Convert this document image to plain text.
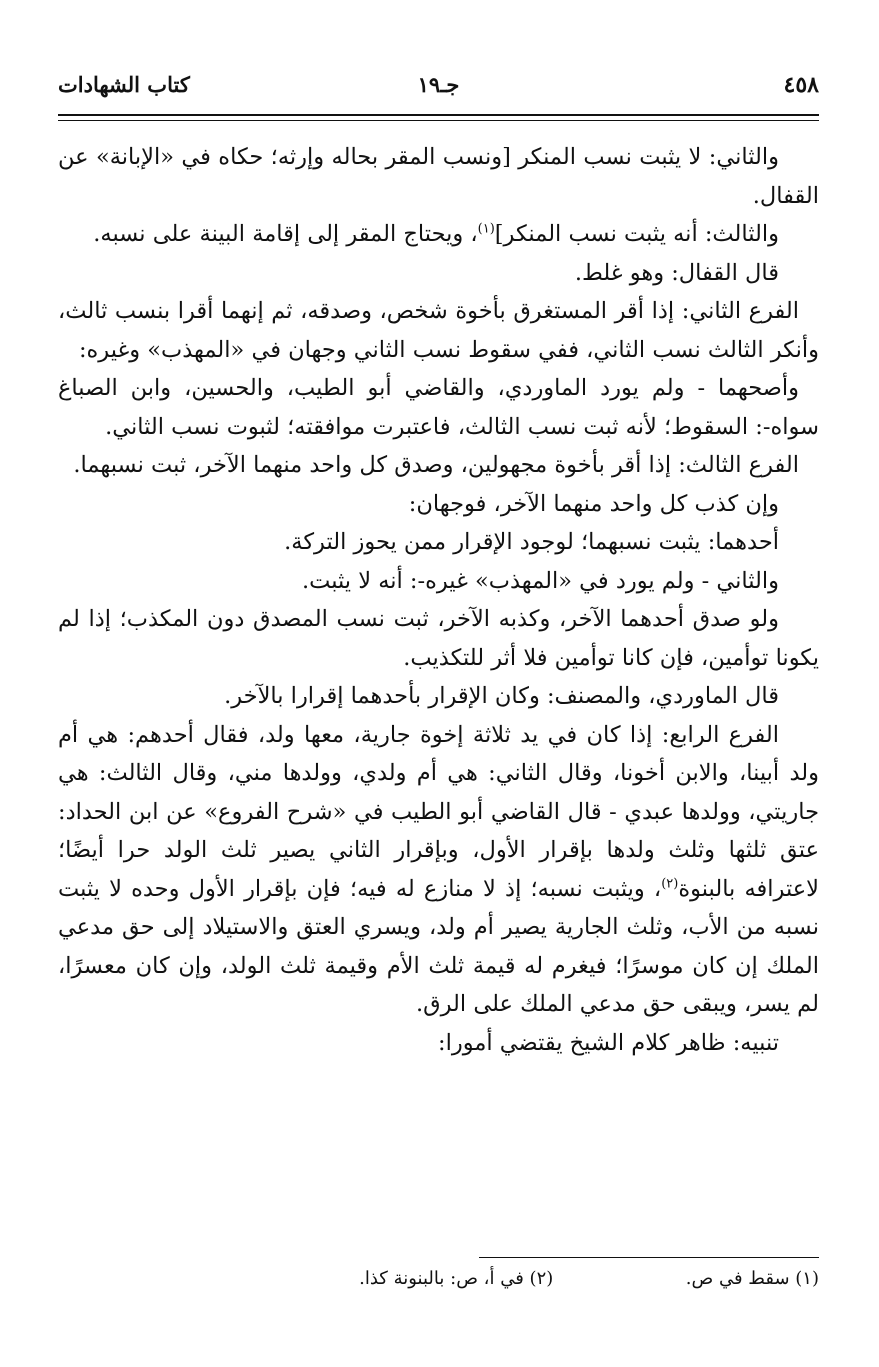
٤٥٨
جـ١٩
كتاب الشهادات

والثاني: لا يثبت نسب المنكر [ونسب المقر بحاله وإرثه؛ حكاه في «الإبانة» عن القفال.

والثالث: أنه يثبت نسب المنكر]$^{(١)}$، ويحتاج المقر إلى إقامة البينة على نسبه.

قال القفال: وهو غلط.

الفرع الثاني: إذا أقر المستغرق بأخوة شخص، وصدقه، ثم إنهما أقرا بنسب ثالث، وأنكر الثالث نسب الثاني، ففي سقوط نسب الثاني وجهان في «المهذب» وغيره:

وأصحهما - ولم يورد الماوردي، والقاضي أبو الطيب، والحسين، وابن الصباغ سواه-: السقوط؛ لأنه ثبت نسب الثالث، فاعتبرت موافقته؛ لثبوت نسب الثاني.

الفرع الثالث: إذا أقر بأخوة مجهولين، وصدق كل واحد منهما الآخر، ثبت نسبهما.

وإن كذب كل واحد منهما الآخر، فوجهان:

أحدهما: يثبت نسبهما؛ لوجود الإقرار ممن يحوز التركة.

والثاني - ولم يورد في «المهذب» غيره-: أنه لا يثبت.

ولو صدق أحدهما الآخر، وكذبه الآخر، ثبت نسب المصدق دون المكذب؛ إذا لم يكونا توأمين، فإن كانا توأمين فلا أثر للتكذيب.

قال الماوردي، والمصنف: وكان الإقرار بأحدهما إقرارا بالآخر.

الفرع الرابع: إذا كان في يد ثلاثة إخوة جارية، معها ولد، فقال أحدهم: هي أم ولد أبينا، والابن أخونا، وقال الثاني: هي أم ولدي، وولدها مني، وقال الثالث: هي جاريتي، وولدها عبدي - قال القاضي أبو الطيب في «شرح الفروع» عن ابن الحداد: عتق ثلثها وثلث ولدها بإقرار الأول، وبإقرار الثاني يصير ثلث الولد حرا أيضًا؛ لاعترافه بالبنوة$^{(٢)}$، ويثبت نسبه؛ إذ لا منازع له فيه؛ فإن بإقرار الأول وحده لا يثبت نسبه من الأب، وثلث الجارية يصير أم ولد، ويسري العتق والاستيلاد إلى حق مدعي الملك إن كان موسرًا؛ فيغرم له قيمة ثلث الأم وقيمة ثلث الولد، وإن كان معسرًا، لم يسر، ويبقى حق مدعي الملك على الرق.

تنبيه: ظاهر كلام الشيخ يقتضي أمورا:

(١) سقط في ص. (٢) في أ، ص: بالبنونة كذا.
